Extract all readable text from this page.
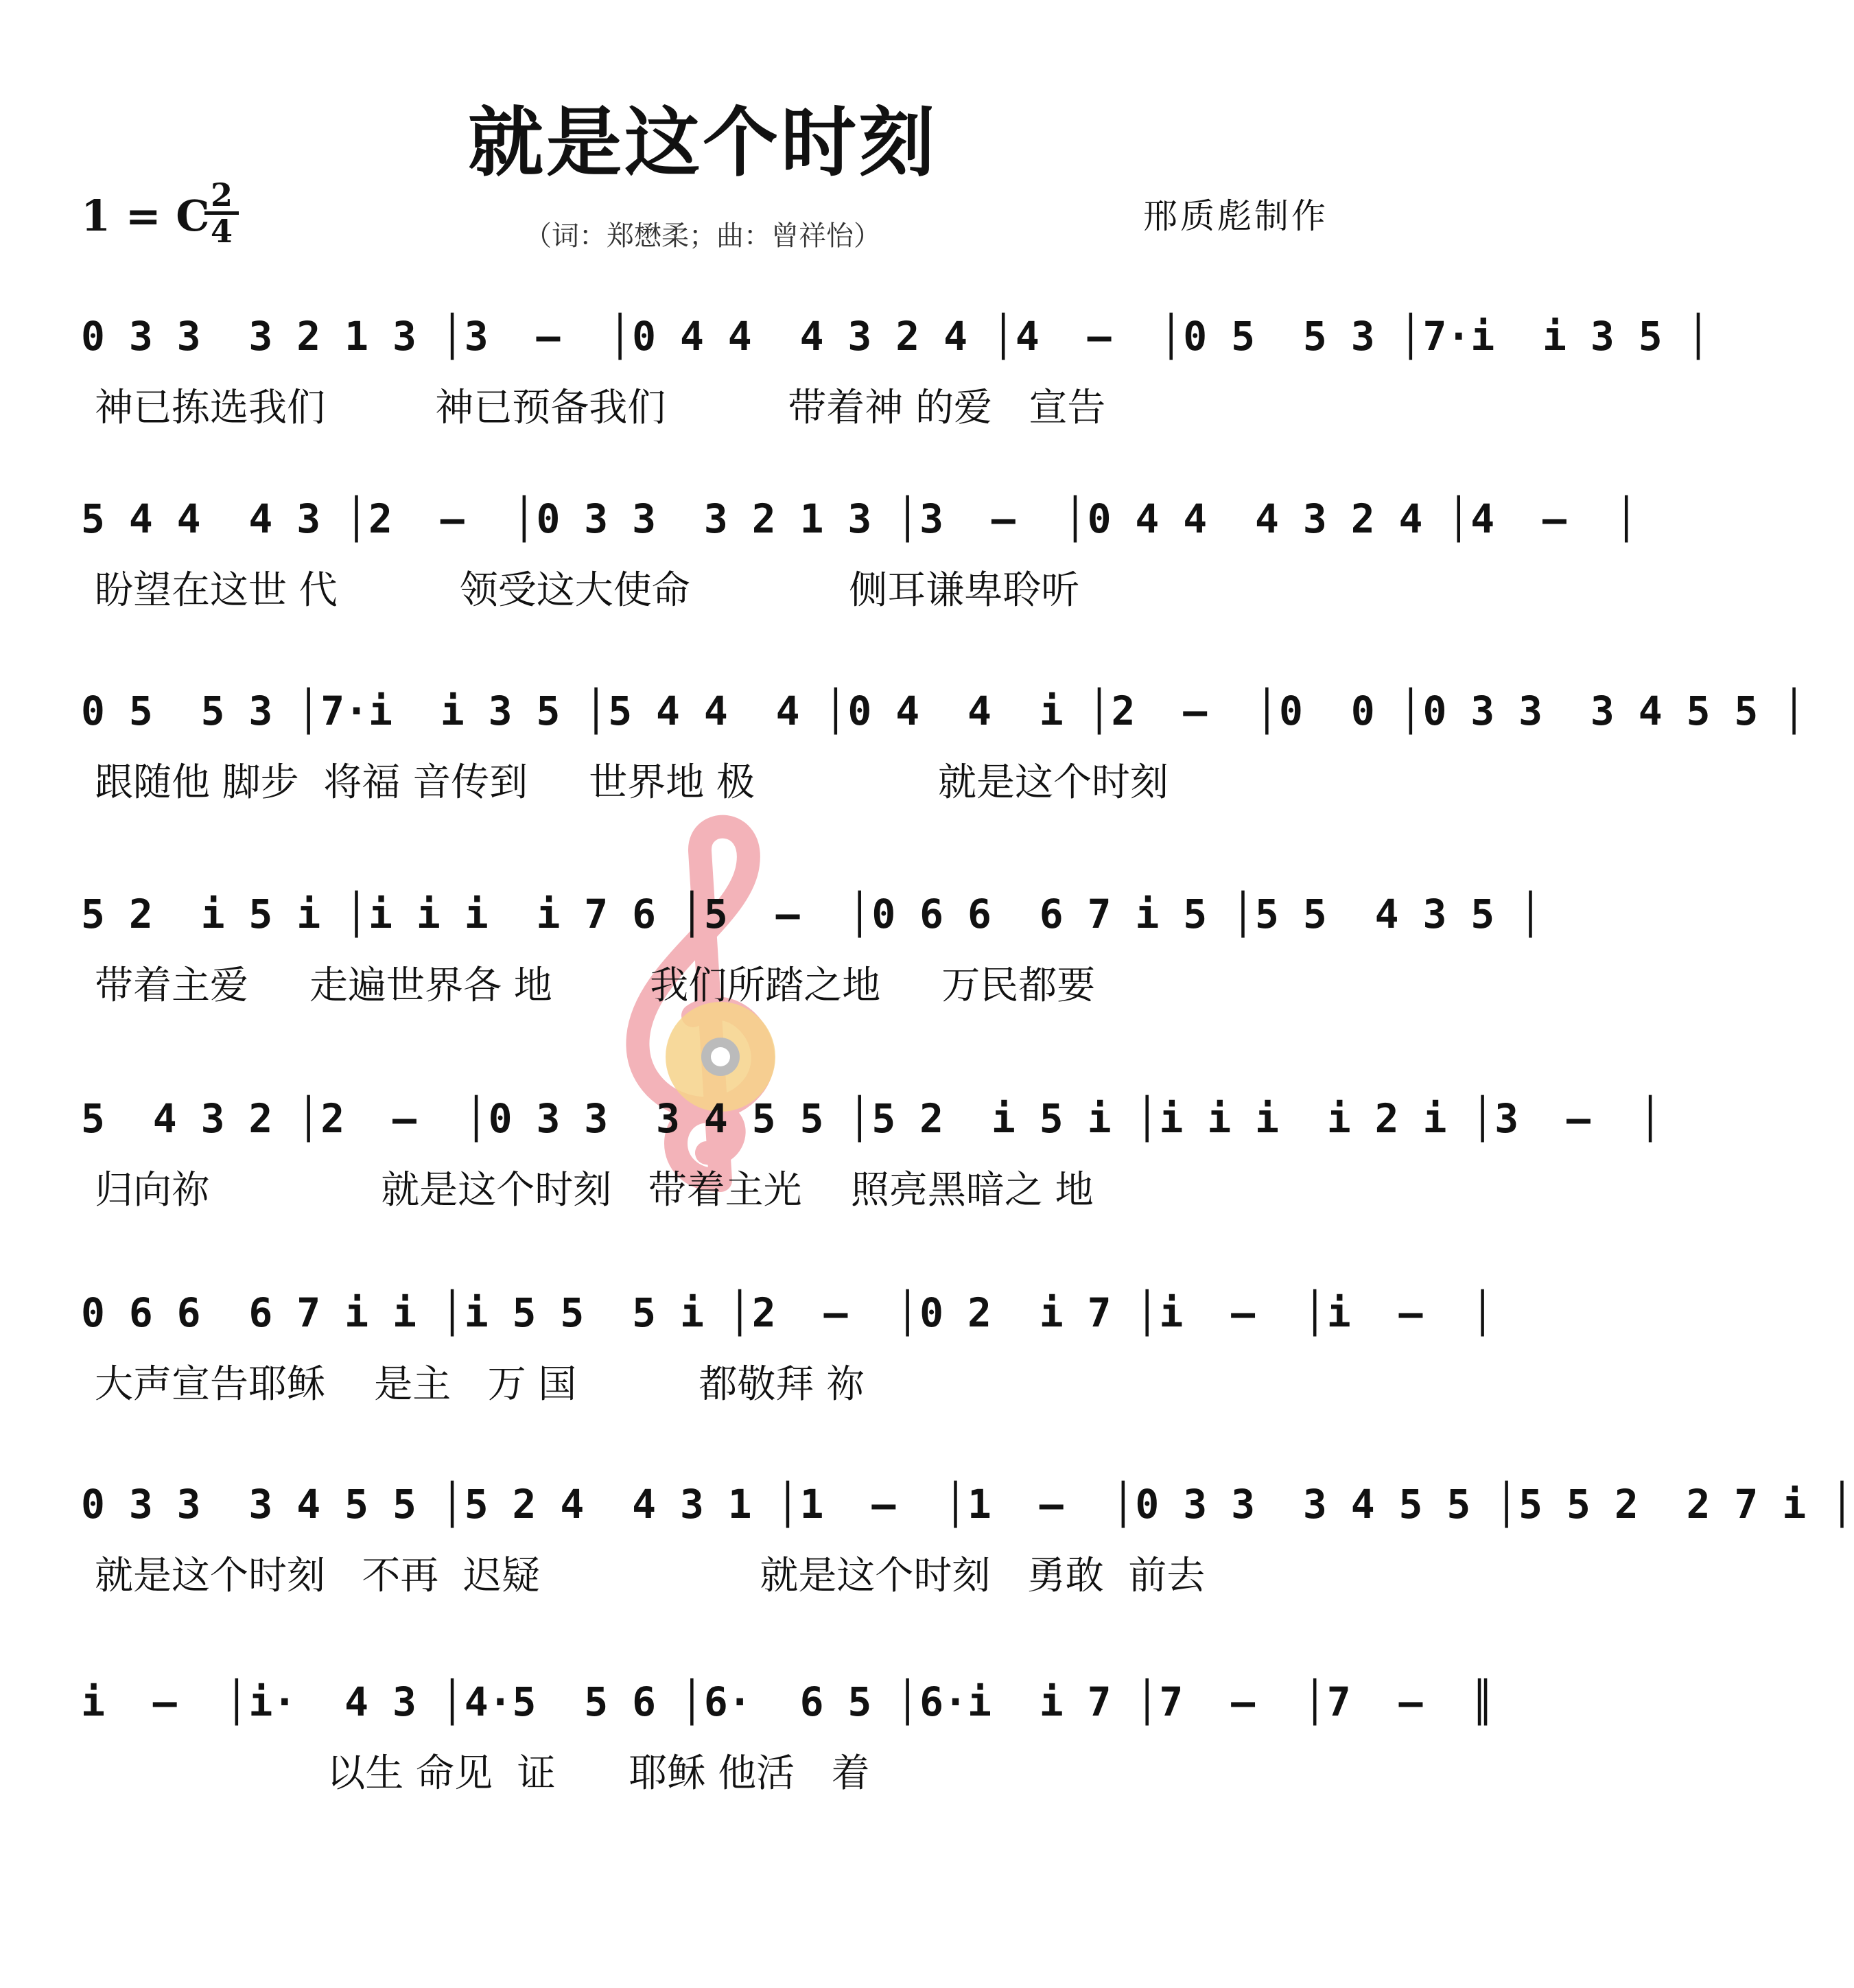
就是这个时刻
1 = C 2
4	（词：郑懋柔；曲：曾祥怡）	邢质彪制作
0 3 3  3 2 1 3 │3  –  │0 4 4  4 3 2 4 │4  –  │0 5  5 3 │7·i  i 3 5 │
神已拣选我们         神已预备我们          带着神 的爱   宣告
5 4 4  4 3 │2  –  │0 3 3  3 2 1 3 │3  –  │0 4 4  4 3 2 4 │4  –  │
盼望在这世 代          领受这大使命             侧耳谦卑聆听
0 5  5 3 │7·i  i 3 5 │5 4 4  4 │0 4  4  i │2  –  │0  0 │0 3 3  3 4 5 5 │
跟随他 脚步  将福 音传到     世界地 极               就是这个时刻
5 2  i 5 i │i i i  i 7 6 │5  –  │0 6 6  6 7 i 5 │5 5  4 3 5 │
带着主爱     走遍世界各 地        我们所踏之地     万民都要
5  4 3 2 │2  –  │0 3 3  3 4 5 5 │5 2  i 5 i │i i i  i 2 i │3  –  │
归向祢              就是这个时刻   带着主光    照亮黑暗之 地
0 6 6  6 7 i i │i 5 5  5 i │2  –  │0 2  i 7 │i  –  │i  –  │
大声宣告耶稣    是主   万 国          都敬拜 祢
0 3 3  3 4 5 5 │5 2 4  4 3 1 │1  –  │1  –  │0 3 3  3 4 5 5 │5 5 2  2 7 i │
就是这个时刻   不再  迟疑                  就是这个时刻   勇敢  前去
i  –  │i·  4 3 │4·5  5 6 │6·  6 5 │6·i  i 7 │7  –  │7  –  ║
以生 命见  证      耶稣 他活   着
